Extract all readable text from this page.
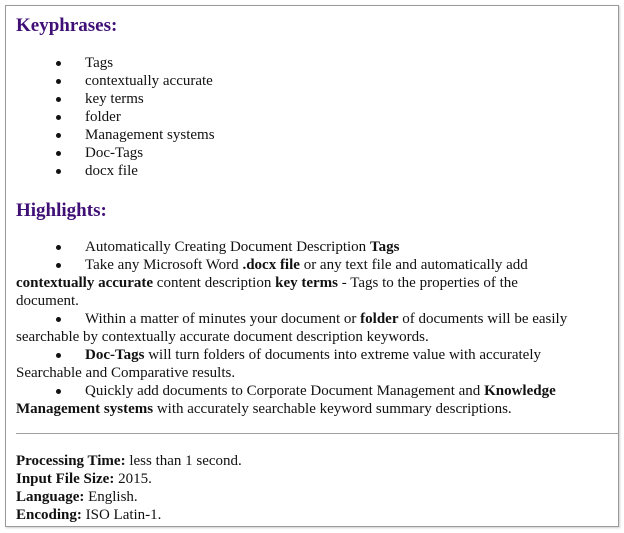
Keyphrases:
Tags
contextually accurate
key terms
folder
Management systems
Doc-Tags
docx file
Highlights:
Automatically Creating Document Description Tags
Take any Microsoft Word .docx file or any text file and automatically add
contextually accurate content description key terms - Tags to the properties of the
document.
Within a matter of minutes your document or folder of documents will be easily
searchable by contextually accurate document description keywords.
Doc-Tags will turn folders of documents into extreme value with accurately
Searchable and Comparative results.
Quickly add documents to Corporate Document Management and Knowledge
Management systems with accurately searchable keyword summary descriptions.
Processing Time: less than 1 second.
Input File Size: 2015.
Language: English.
Encoding: ISO Latin-1.
